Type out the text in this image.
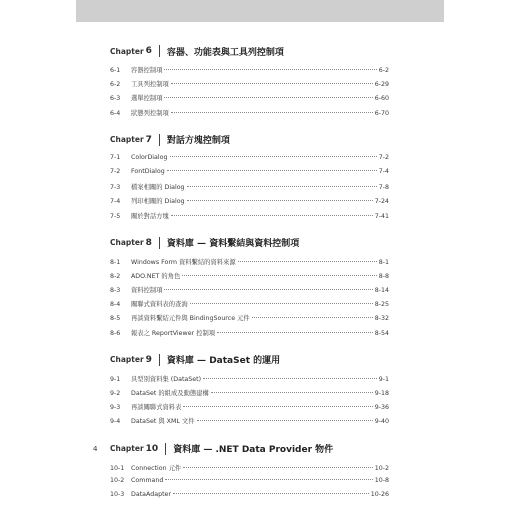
Chapter 6 容器、功能表與工具列控制項
6-1	容器控制項	6-2
6-2	工具列控制項	6-29
6-3	選單控制項	6-60
6-4	狀態列控制項	6-70
Chapter 7 對話方塊控制項
7-1	ColorDialog	7-2
7-2	FontDialog	7-4
7-3	檔案相關的 Dialog	7-8
7-4	列印相關的 Dialog	7-24
7-5	關於對話方塊	7-41
Chapter 8 資料庫 — 資料繫結與資料控制項
8-1	Windows Form 資料繫結的資料來源	8-1
8-2	ADO.NET 的角色	8-8
8-3	資料控制項	8-14
8-4	關聯式資料表的查詢	8-25
8-5	再談資料繫結元件與 BindingSource 元件	8-32
8-6	報表之 ReportViewer 控制項	8-54
Chapter 9 資料庫 — DataSet 的運用
9-1	具型別資料集 (DataSet)	9-1
9-2	DataSet 的組成及動態建構	9-18
9-3	再談關聯式資料表	9-36
9-4	DataSet 與 XML 文件	9-40
Chapter 10 資料庫 — .NET Data Provider 物件
10-1	Connection 元件	10-2
10-2	Command	10-8
10-3	DataAdapter	10-26
4
